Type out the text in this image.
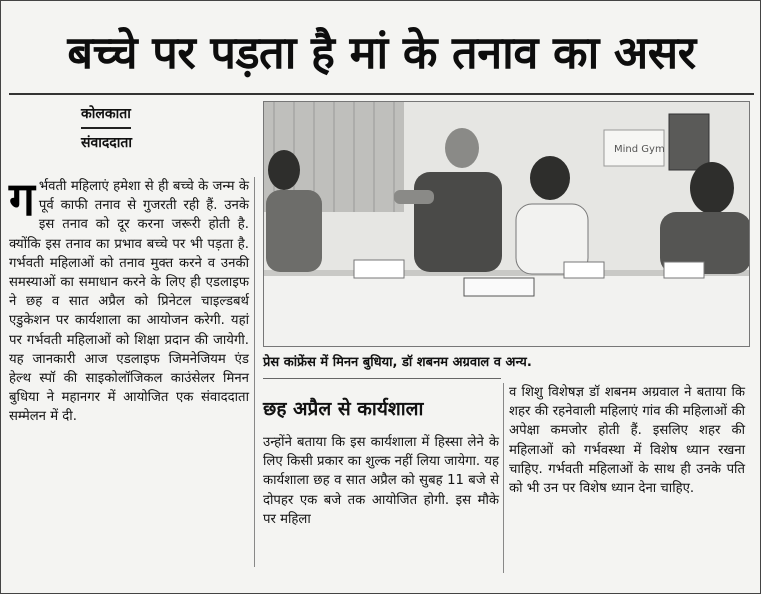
बच्चे पर पड़ता है मां के तनाव का असर
कोलकाता
संवाददाता

गर्भवती महिलाएं हमेशा से ही बच्चे के जन्म के पूर्व काफी तनाव से गुजरती रही हैं. उनके इस तनाव को दूर करना जरूरी होती है. क्योंकि इस तनाव का प्रभाव बच्चे पर भी पड़ता है. गर्भवती महिलाओं को तनाव मुक्त करने व उनकी समस्याओं का समाधान करने के लिए ही एडलाइफ ने छह व सात अप्रैल को प्रिनेटल चाइल्डबर्थ एडुकेशन पर कार्यशाला का आयोजन करेगी. यहां पर गर्भवती महिलाओं को शिक्षा प्रदान की जायेगी. यह जानकारी आज एडलाइफ जिमनेजियम एंड हेल्थ स्पॉ की साइकोलॉजिकल काउंसेलर मिनन बुधिया ने महानगर में आयोजित एक संवाददाता सम्मेलन में दी.

Mind Gym
प्रेस कांफ्रेंस में मिनन बुधिया, डॉ शबनम अग्रवाल व अन्य.
छह अप्रैल से कार्यशाला

उन्होंने बताया कि इस कार्यशाला में हिस्सा लेने के लिए किसी प्रकार का शुल्क नहीं लिया जायेगा. यह कार्यशाला छह व सात अप्रैल को सुबह 11 बजे से दोपहर एक बजे तक आयोजित होगी. इस मौके पर महिला

व शिशु विशेषज्ञ डॉ शबनम अग्रवाल ने बताया कि शहर की रहनेवाली महिलाएं गांव की महिलाओं की अपेक्षा कमजोर होती हैं. इसलिए शहर की महिलाओं को गर्भवस्था में विशेष ध्यान रखना चाहिए. गर्भवती महिलाओं के साथ ही उनके पति को भी उन पर विशेष ध्यान देना चाहिए.
